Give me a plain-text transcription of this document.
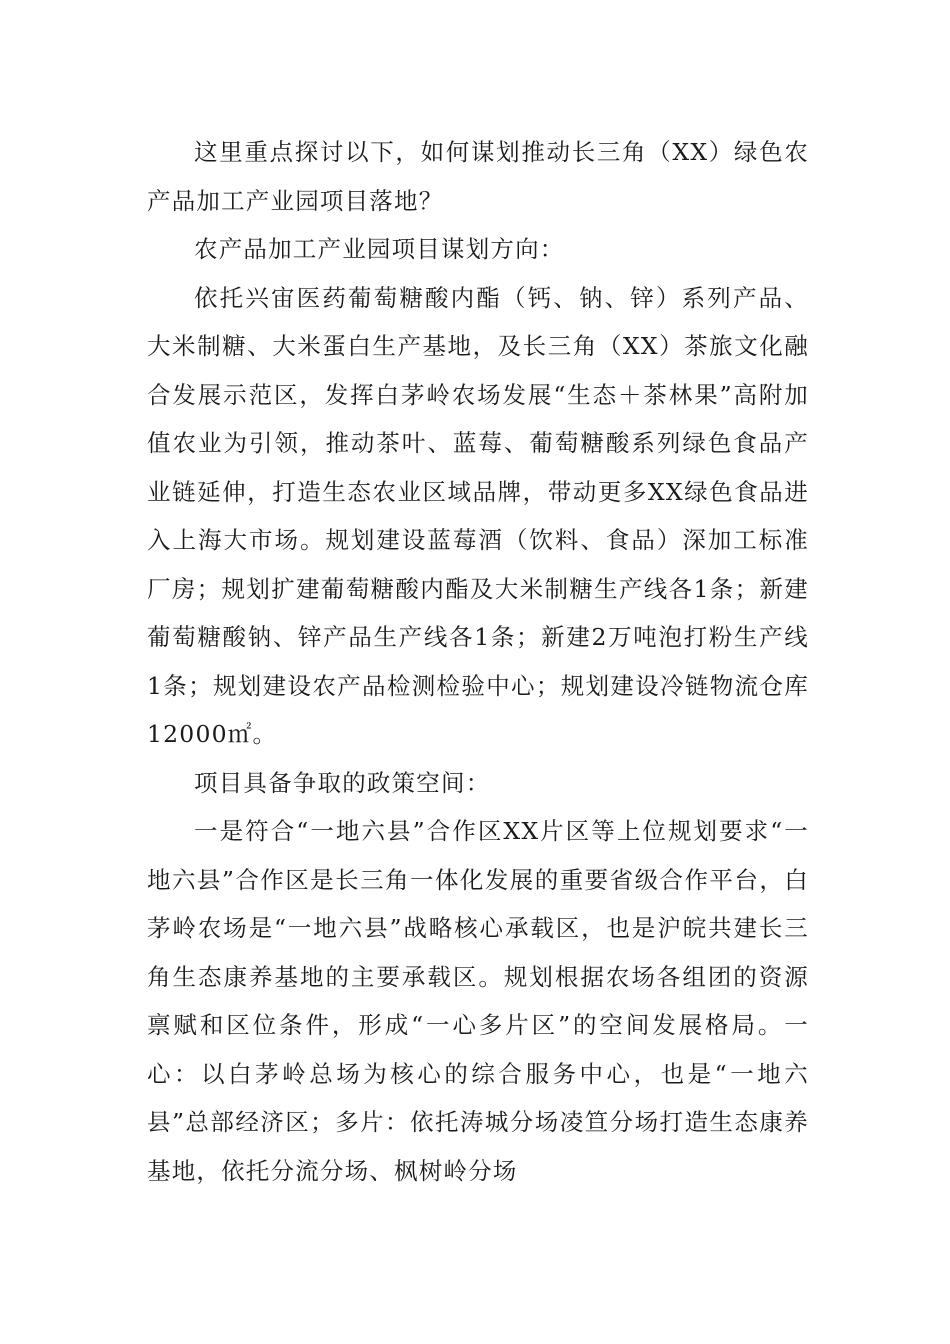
这里重点探讨以下，如何谋划推动长三角（XX）绿色农产品加工产业园项目落地？

农产品加工产业园项目谋划方向：

依托兴宙医药葡萄糖酸内酯（钙、钠、锌）系列产品、大米制糖、大米蛋白生产基地，及长三角（XX）茶旅文化融合发展示范区，发挥白茅岭农场发展“生态＋茶林果”高附加值农业为引领，推动茶叶、蓝莓、葡萄糖酸系列绿色食品产业链延伸，打造生态农业区域品牌，带动更多XX绿色食品进入上海大市场。规划建设蓝莓酒（饮料、食品）深加工标准厂房；规划扩建葡萄糖酸内酯及大米制糖生产线各1条；新建葡萄糖酸钠、锌产品生产线各1条；新建2万吨泡打粉生产线1条；规划建设农产品检测检验中心；规划建设冷链物流仓库12000㎡。

项目具备争取的政策空间：

一是符合“一地六县”合作区XX片区等上位规划要求“一地六县”合作区是长三角一体化发展的重要省级合作平台，白茅岭农场是“一地六县”战略核心承载区，也是沪皖共建长三角生态康养基地的主要承载区。规划根据农场各组团的资源禀赋和区位条件，形成“一心多片区”的空间发展格局。一心：以白茅岭总场为核心的综合服务中心，也是“一地六县”总部经济区；多片：依托涛城分场凌笪分场打造生态康养基地，依托分流分场、枫树岭分场
